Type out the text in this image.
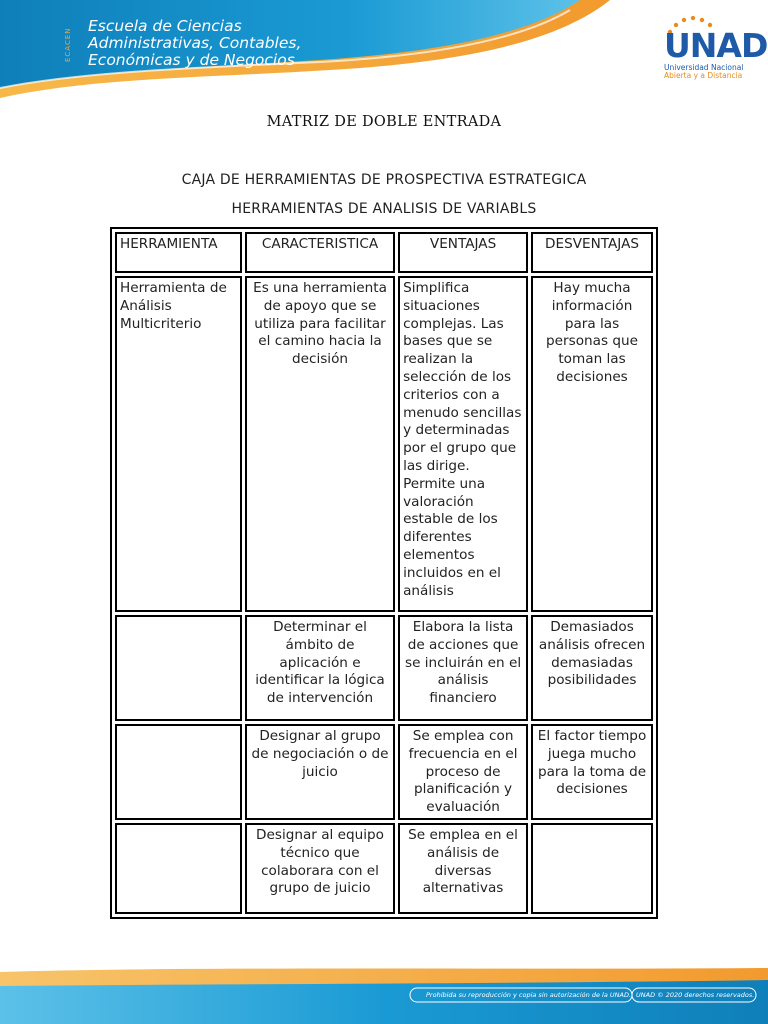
ECACEN
Escuela de Ciencias
Administrativas, Contables,
Económicas y de Negocios	UNAD
Universidad Nacional
Abierta y a Distancia
MATRIZ DE DOBLE ENTRADA
CAJA DE HERRAMIENTAS DE PROSPECTIVA ESTRATEGICA
HERRAMIENTAS DE ANALISIS DE VARIABLS
HERRAMIENTA	CARACTERISTICA	VENTAJAS	DESVENTAJAS
Herramienta de Análisis Multicriterio	Es una herramienta de apoyo que se utiliza para facilitar el camino hacia la decisión	Simplifica situaciones complejas. Las bases que se realizan la selección de los criterios con a menudo sencillas y determinadas por el grupo que las dirige. Permite una valoración estable de los diferentes elementos incluidos en el análisis	Hay mucha información para las personas que toman las decisiones
	Determinar el ámbito de aplicación e identificar la lógica de intervención	Elabora la lista de acciones que se incluirán en el análisis financiero	Demasiados análisis ofrecen demasiadas posibilidades
	Designar al grupo de negociación o de juicio	Se emplea con frecuencia en el proceso de planificación y evaluación	El factor tiempo juega mucho para la toma de decisiones
	Designar al equipo técnico que colaborara con el grupo de juicio	Se emplea en el análisis de diversas alternativas	
Prohibida su reproducción y copia sin autorización de la UNAD. UNAD © 2020 derechos reservados.
